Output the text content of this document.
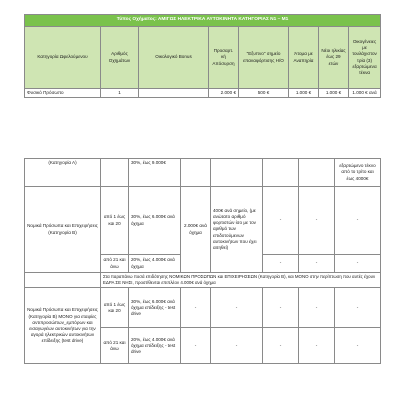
Τύπος Οχήματος: ΑΜΙΓΩΣ ΗΛΕΚΤΡΙΚΑ ΑΥΤΟΚΙΝΗΤΑ ΚΑΤΗΓΟΡΙΑΣ Ν1 – Μ1							
Κατηγορία Ωφελούμενου	Αριθμός Οχημάτων	Οικολογικό Bonus	Προσαρτ. κή Απόσυρση	"Εξυπνο" σημείο επαναφόρτισης Η/Ο	Άτομα με Αναπηρία	Νέοι ηλικίας έως 29 ετών	Οικογένειες με τουλάχιστον τρία (3) εξαρτώμενα τέκνα
Φυσικό Πρόσωπο	1		2.000 €	500 €	1.000 €	1.000 €	1.000 € ανά
(Κατηγορία Α)		30%, έως 9.000€					εξαρτώμενο τέκνο από το τρίτο και έως 4000€
Νομικά Πρόσωπα και Επιχειρήσεις (Κατηγορία Β)	από 1 έως και 20	30%, έως 6.000€ ανά όχημα	2.000€ ανά όχημα	400€ ανά σημείο, (με ανώτατο αριθμό φορτιστών ίσο με τον αριθμό των επιδοτούμενων αυτοκινήτων που έχει αιτηθεί)	-	-	-
	από 21 και άνω	20%, έως 4.000€ ανά όχημα			-	-	-
	Στα παραπάνω ποσά επιδότησης ΝΟΜΙΚΩΝ ΠΡΟΣΩΠΩΝ και ΕΠΙΧΕΙΡΗΣΕΩΝ (Κατηγορία Β), και ΜΟΝΟ στην περίπτωση που αυτές έχουν ΕΔΡΑ ΣΕ ΝΗΣΙ, προστίθενται επιπλέον 4.000€ ανά όχημα						
Νομικά Πρόσωπα και Επιχειρήσεις (Κατηγορία Β) ΜΟΝΟ για εταιρίες αντιπροσώπων_εμπόρων και εισαγωγέων αυτοκινήτων για την αγορά ηλεκτρικών αυτοκινήτων επίδειξης (test drive)	από 1 έως και 20	30%, έως 6.000€ ανά όχημα επίδειξης - test drive	-	-	-	-	-
	από 21 και άνω	20%, έως 4.000€ ανά όχημα επίδειξης - test drive	-	-	-	-	-
